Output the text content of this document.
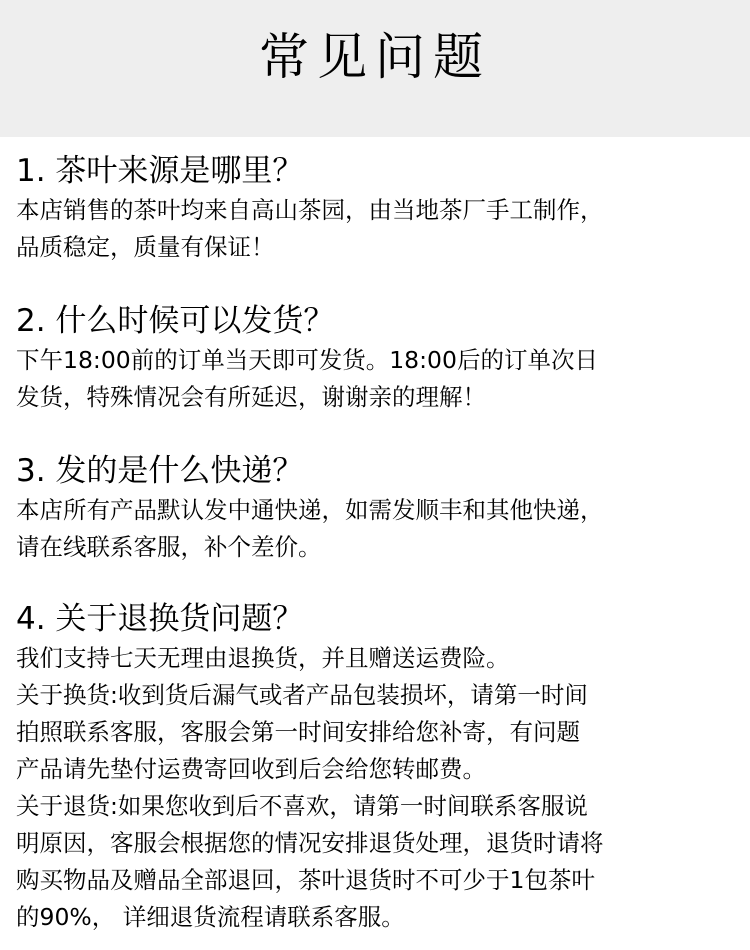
常见问题
1. 茶叶来源是哪里？

本店销售的茶叶均来自高山茶园，由当地茶厂手工制作，
品质稳定，质量有保证！

2. 什么时候可以发货？

下午18:00前的订单当天即可发货。18:00后的订单次日
发货，特殊情况会有所延迟，谢谢亲的理解！

3. 发的是什么快递？

本店所有产品默认发中通快递，如需发顺丰和其他快递，
请在线联系客服，补个差价。

4. 关于退换货问题？

我们支持七天无理由退换货，并且赠送运费险。
关于换货:收到货后漏气或者产品包装损坏，请第一时间
拍照联系客服，客服会第一时间安排给您补寄，有问题
产品请先垫付运费寄回收到后会给您转邮费。
关于退货:如果您收到后不喜欢，请第一时间联系客服说
明原因，客服会根据您的情况安排退货处理，退货时请将
购买物品及赠品全部退回，茶叶退货时不可少于1包茶叶
的90%， 详细退货流程请联系客服。
